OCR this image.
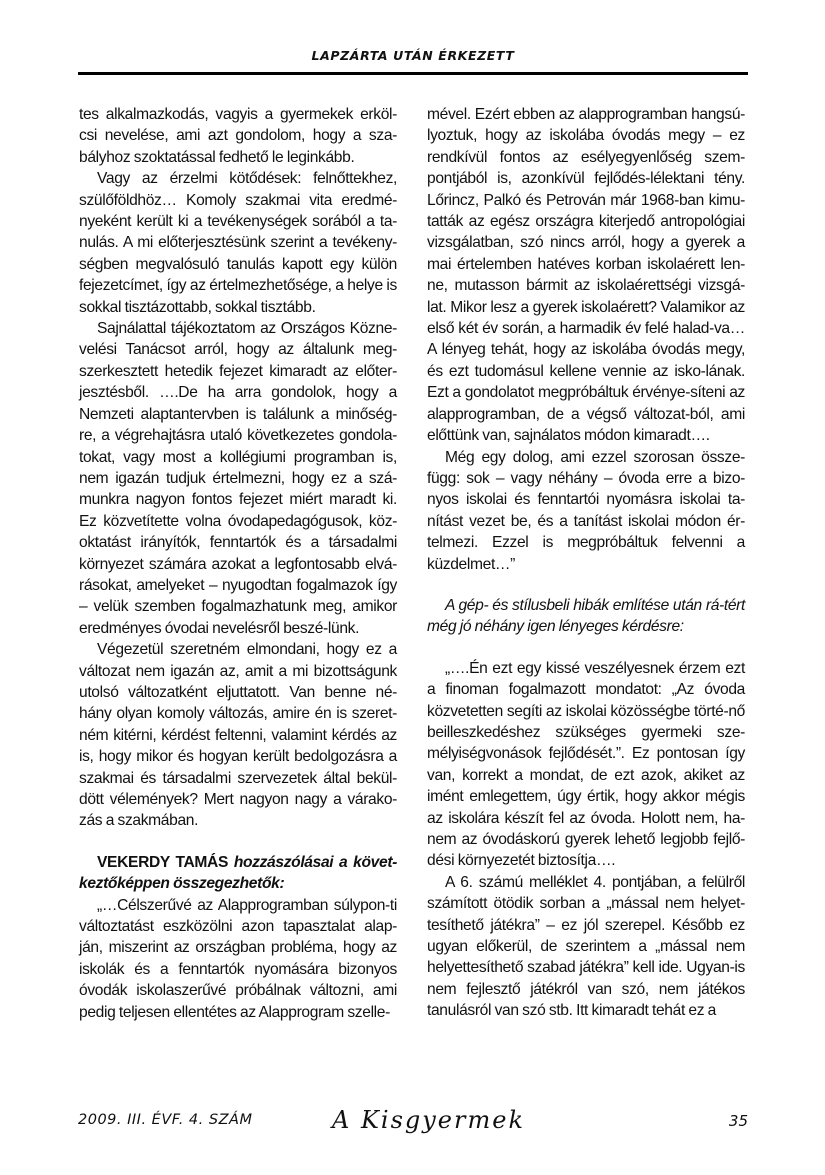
LAPZÁRTA UTÁN ÉRKEZETT

tes alkalmazkodás, vagyis a gyermekek erköl-csi nevelése, ami azt gondolom, hogy a sza-bályhoz szoktatással fedhető le leginkább.

Vagy az érzelmi kötődések: felnőttekhez, szülőföldhöz… Komoly szakmai vita eredmé-nyeként került ki a tevékenységek sorából a ta-nulás. A mi előterjesztésünk szerint a tevékeny-ségben megvalósuló tanulás kapott egy külön fejezetcímet, így az értelmezhetősége, a helye is sokkal tisztázottabb, sokkal tisztább.

Sajnálattal tájékoztatom az Országos Közne-velési Tanácsot arról, hogy az általunk meg-szerkesztett hetedik fejezet kimaradt az előter-jesztésből. ….De ha arra gondolok, hogy a Nemzeti alaptantervben is találunk a minőség-re, a végrehajtásra utaló következetes gondola-tokat, vagy most a kollégiumi programban is, nem igazán tudjuk értelmezni, hogy ez a szá-munkra nagyon fontos fejezet miért maradt ki. Ez közvetítette volna óvodapedagógusok, köz-oktatást irányítók, fenntartók és a társadalmi környezet számára azokat a legfontosabb elvá-rásokat, amelyeket – nyugodtan fogalmazok így – velük szemben fogalmazhatunk meg, amikor eredményes óvodai nevelésről beszé-lünk.

Végezetül szeretném elmondani, hogy ez a változat nem igazán az, amit a mi bizottságunk utolsó változatként eljuttatott. Van benne né-hány olyan komoly változás, amire én is szeret-ném kitérni, kérdést feltenni, valamint kérdés az is, hogy mikor és hogyan került bedolgozásra a szakmai és társadalmi szervezetek által bekül-dött vélemények? Mert nagyon nagy a várako-zás a szakmában.

VEKERDY TAMÁS hozzászólásai a követ-keztőképpen összegezhetők:

„…Célszerűvé az Alapprogramban súlypon-ti változtatást eszközölni azon tapasztalat alap-ján, miszerint az országban probléma, hogy az iskolák és a fenntartók nyomására bizonyos óvodák iskolaszerűvé próbálnak változni, ami pedig teljesen ellentétes az Alapprogram szelle-

mével. Ezért ebben az alapprogramban hangsú-lyoztuk, hogy az iskolába óvodás megy – ez rendkívül fontos az esélyegyenlőség szem-pontjából is, azonkívül fejlődés-lélektani tény. Lőrincz, Palkó és Petrován már 1968-ban kimu-tatták az egész országra kiterjedő antropológiai vizsgálatban, szó nincs arról, hogy a gyerek a mai értelemben hatéves korban iskolaérett len-ne, mutasson bármit az iskolaérettségi vizsgá-lat. Mikor lesz a gyerek iskolaérett? Valamikor az első két év során, a harmadik év felé halad-va… A lényeg tehát, hogy az iskolába óvodás megy, és ezt tudomásul kellene vennie az isko-lának. Ezt a gondolatot megpróbáltuk érvénye-síteni az alapprogramban, de a végső változat-ból, ami előttünk van, sajnálatos módon kimaradt….

Még egy dolog, ami ezzel szorosan össze-függ: sok – vagy néhány – óvoda erre a bizo-nyos iskolai és fenntartói nyomásra iskolai ta-nítást vezet be, és a tanítást iskolai módon ér-telmezi. Ezzel is megpróbáltuk felvenni a küzdelmet…”

A gép- és stílusbeli hibák említése után rá-tért még jó néhány igen lényeges kérdésre:

„….Én ezt egy kissé veszélyesnek érzem ezt a finoman fogalmazott mondatot: „Az óvoda közvetetten segíti az iskolai közösségbe törté-nő beilleszkedéshez szükséges gyermeki sze-mélyiségvonások fejlődését.”. Ez pontosan így van, korrekt a mondat, de ezt azok, akiket az imént emlegettem, úgy értik, hogy akkor mégis az iskolára készít fel az óvoda. Holott nem, ha-nem az óvodáskorú gyerek lehető legjobb fejlő-dési környezetét biztosítja….

A 6. számú melléklet 4. pontjában, a felülről számított ötödik sorban a „mással nem helyet-tesíthető játékra” – ez jól szerepel. Később ez ugyan előkerül, de szerintem a „mással nem helyettesíthető szabad játékra” kell ide. Ugyan-is nem fejlesztő játékról van szó, nem játékos tanulásról van szó stb. Itt kimaradt tehát ez a

2009. III. ÉVF. 4. SZÁM	A Kisgyermek	35
